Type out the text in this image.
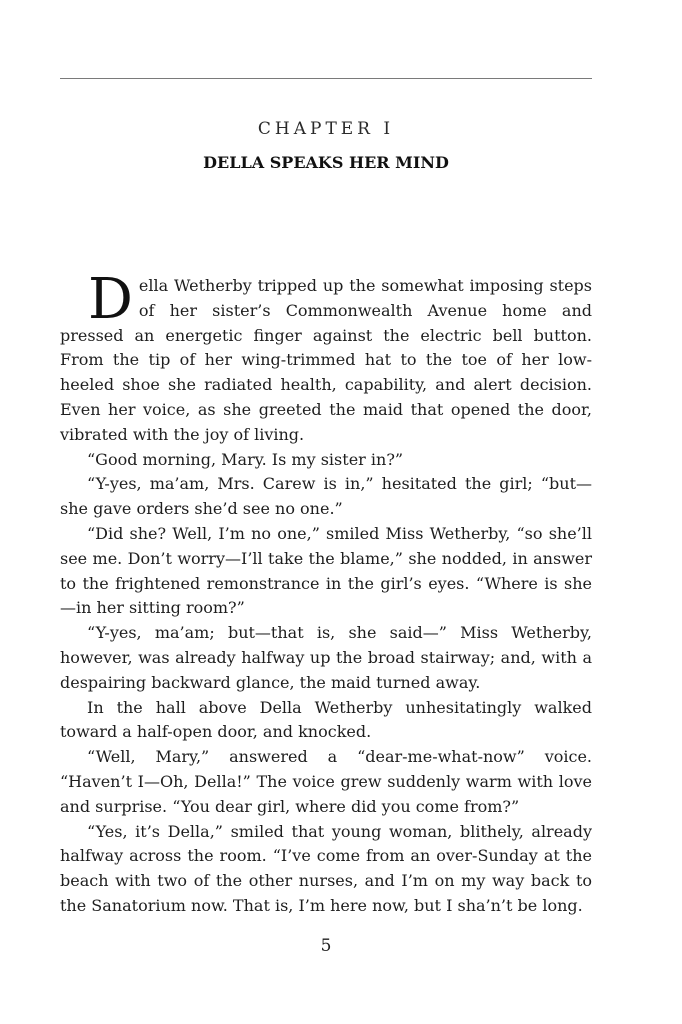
CHAPTER I
DELLA SPEAKS HER MIND

Della Wetherby tripped up the somewhat imposing steps of her sister’s Commonwealth Avenue home and pressed an energetic finger against the electric bell button. From the tip of her wing-trimmed hat to the toe of her low-heeled shoe she radiated health, capability, and alert decision. Even her voice, as she greeted the maid that opened the door, vibrated with the joy of living.

“Good morning, Mary. Is my sister in?”

“Y-yes, ma’am, Mrs. Carew is in,” hesitated the girl; “but—she gave orders she’d see no one.”

“Did she? Well, I’m no one,” smiled Miss Wetherby, “so she’ll see me. Don’t worry—I’ll take the blame,” she nodded, in answer to the frightened remonstrance in the girl’s eyes. “Where is she—in her sitting room?”

“Y-yes, ma’am; but—that is, she said—” Miss Wetherby, however, was already halfway up the broad stairway; and, with a despairing backward glance, the maid turned away.

In the hall above Della Wetherby unhesitatingly walked toward a half-open door, and knocked.

“Well, Mary,” answered a “dear-me-what-now” voice. “Haven’t I—Oh, Della!” The voice grew suddenly warm with love and surprise. “You dear girl, where did you come from?”

“Yes, it’s Della,” smiled that young woman, blithely, already halfway across the room. “I’ve come from an over-Sunday at the beach with two of the other nurses, and I’m on my way back to the Sanatorium now. That is, I’m here now, but I sha’n’t be long.

5
